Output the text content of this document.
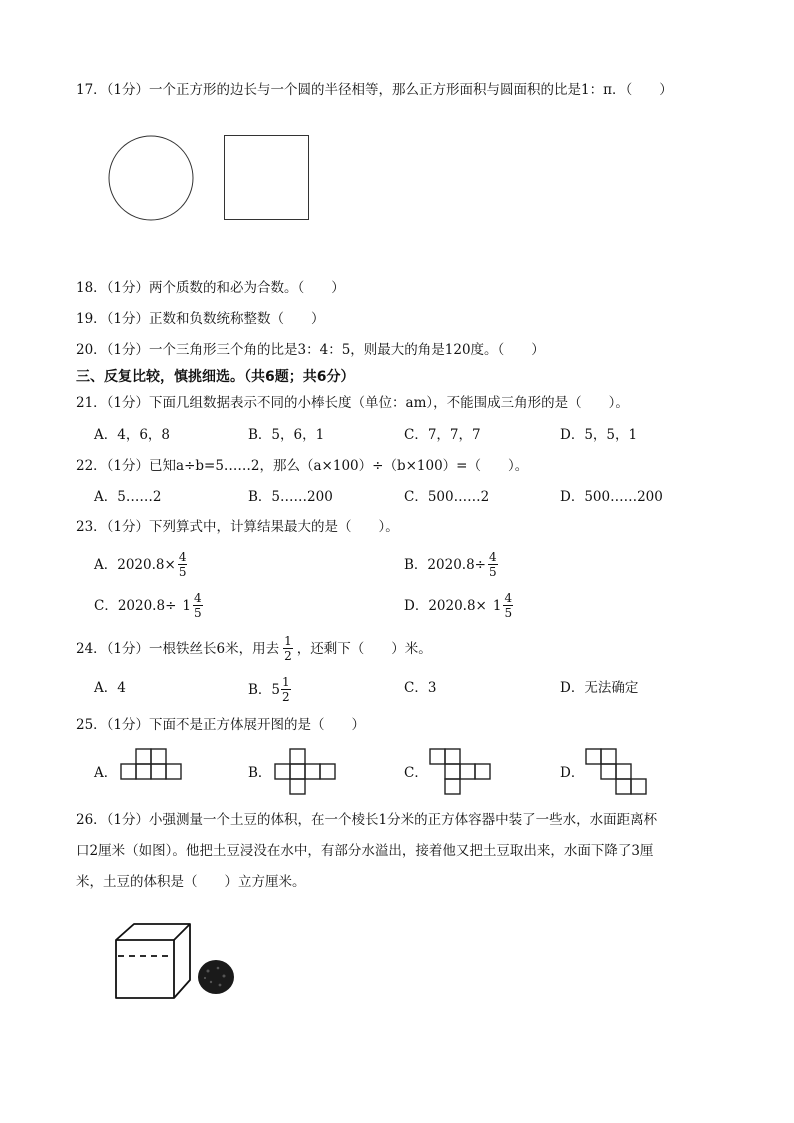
17．（1分）一个正方形的边长与一个圆的半径相等，那么正方形面积与圆面积的比是1：π．（　　）
18．（1分）两个质数的和必为合数。（　　）
19．（1分）正数和负数统称整数（　　）
20．（1分）一个三角形三个角的比是3：4：5，则最大的角是120度。（　　）
三、反复比较，慎挑细选。（共6题；共6分）
21．（1分）下面几组数据表示不同的小棒长度（单位：am），不能围成三角形的是（　　）。
A．4，6，8	B．5，6，1	C．7，7，7	D．5，5，1
22．（1分）已知a÷b=5……2，那么（a×100）÷（b×100）=（　　）。
A．5……2	B．5……200	C．500……2	D．500……200
23．（1分）下列算式中，计算结果最大的是（　　）。
A．$2020.8\times \frac{4}{5}$	B．$2020.8\div \frac{4}{5}$
C．$2020.8\div 1 \frac{4}{5}$	D．$2020.8\times 1 \frac{4}{5}$
24．（1分）一根铁丝长6米，用去 $\frac{1}{2}$ ，还剩下（　　）米。
A．4	B．$5 \frac{1}{2}$	C．3	D．无法确定
25．（1分）下面不是正方体展开图的是（　　）
A．	B．	C．	D．
26．（1分）小强测量一个土豆的体积，在一个棱长1分米的正方体容器中装了一些水，水面距离杯
口2厘米（如图）。他把土豆浸没在水中，有部分水溢出，接着他又把土豆取出来，水面下降了3厘
米，土豆的体积是（　　）立方厘米。
